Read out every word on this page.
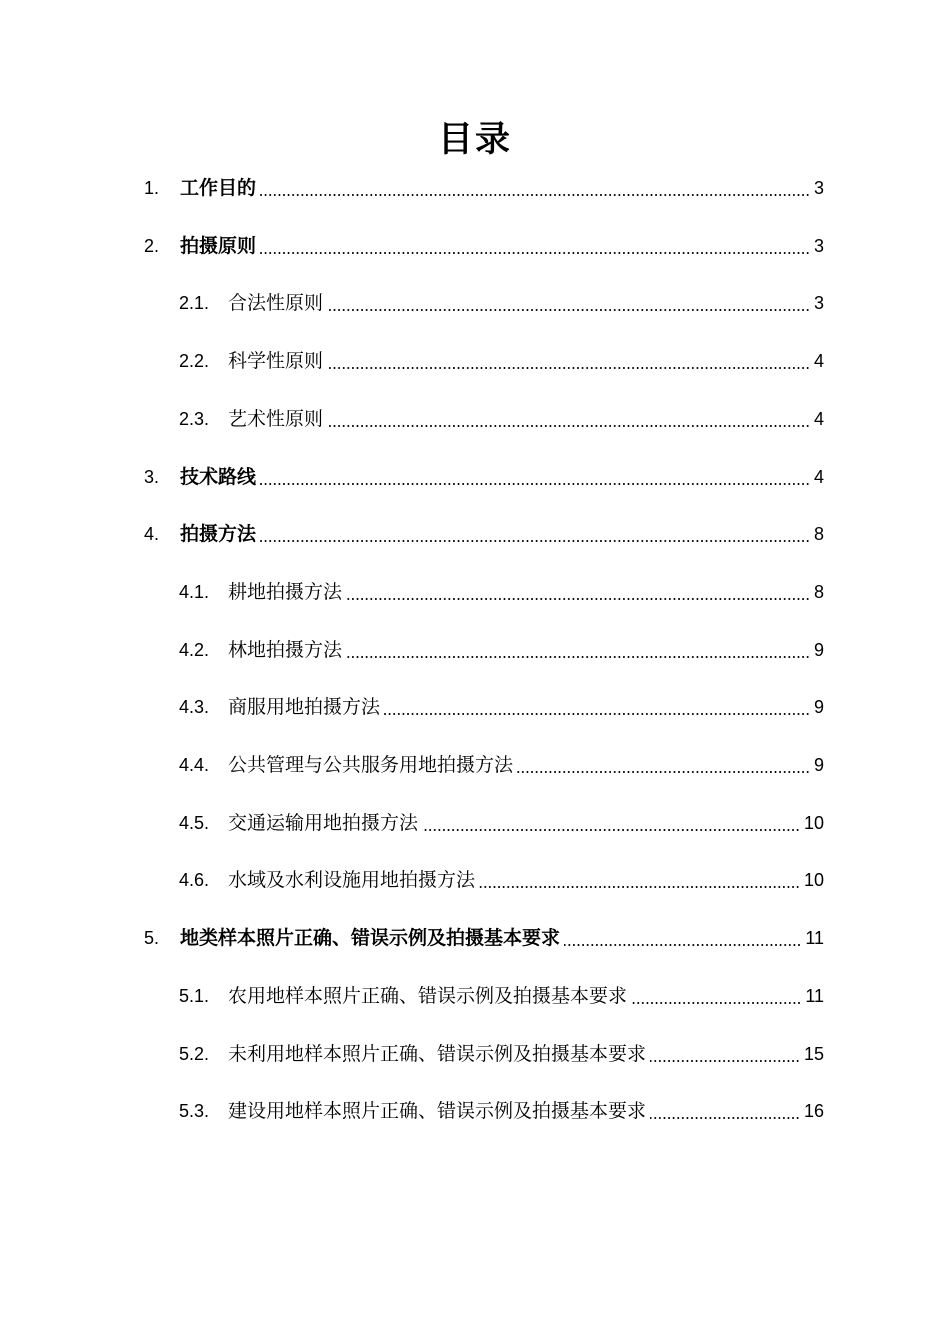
目录
1. 工作目的	3
2. 拍摄原则	3
2.1. 合法性原则	3
2.2. 科学性原则	4
2.3. 艺术性原则	4
3. 技术路线	4
4. 拍摄方法	8
4.1. 耕地拍摄方法	8
4.2. 林地拍摄方法	9
4.3. 商服用地拍摄方法	9
4.4. 公共管理与公共服务用地拍摄方法	9
4.5. 交通运输用地拍摄方法	10
4.6. 水域及水利设施用地拍摄方法	10
5. 地类样本照片正确、错误示例及拍摄基本要求	11
5.1. 农用地样本照片正确、错误示例及拍摄基本要求	11
5.2. 未利用地样本照片正确、错误示例及拍摄基本要求	15
5.3. 建设用地样本照片正确、错误示例及拍摄基本要求	16
